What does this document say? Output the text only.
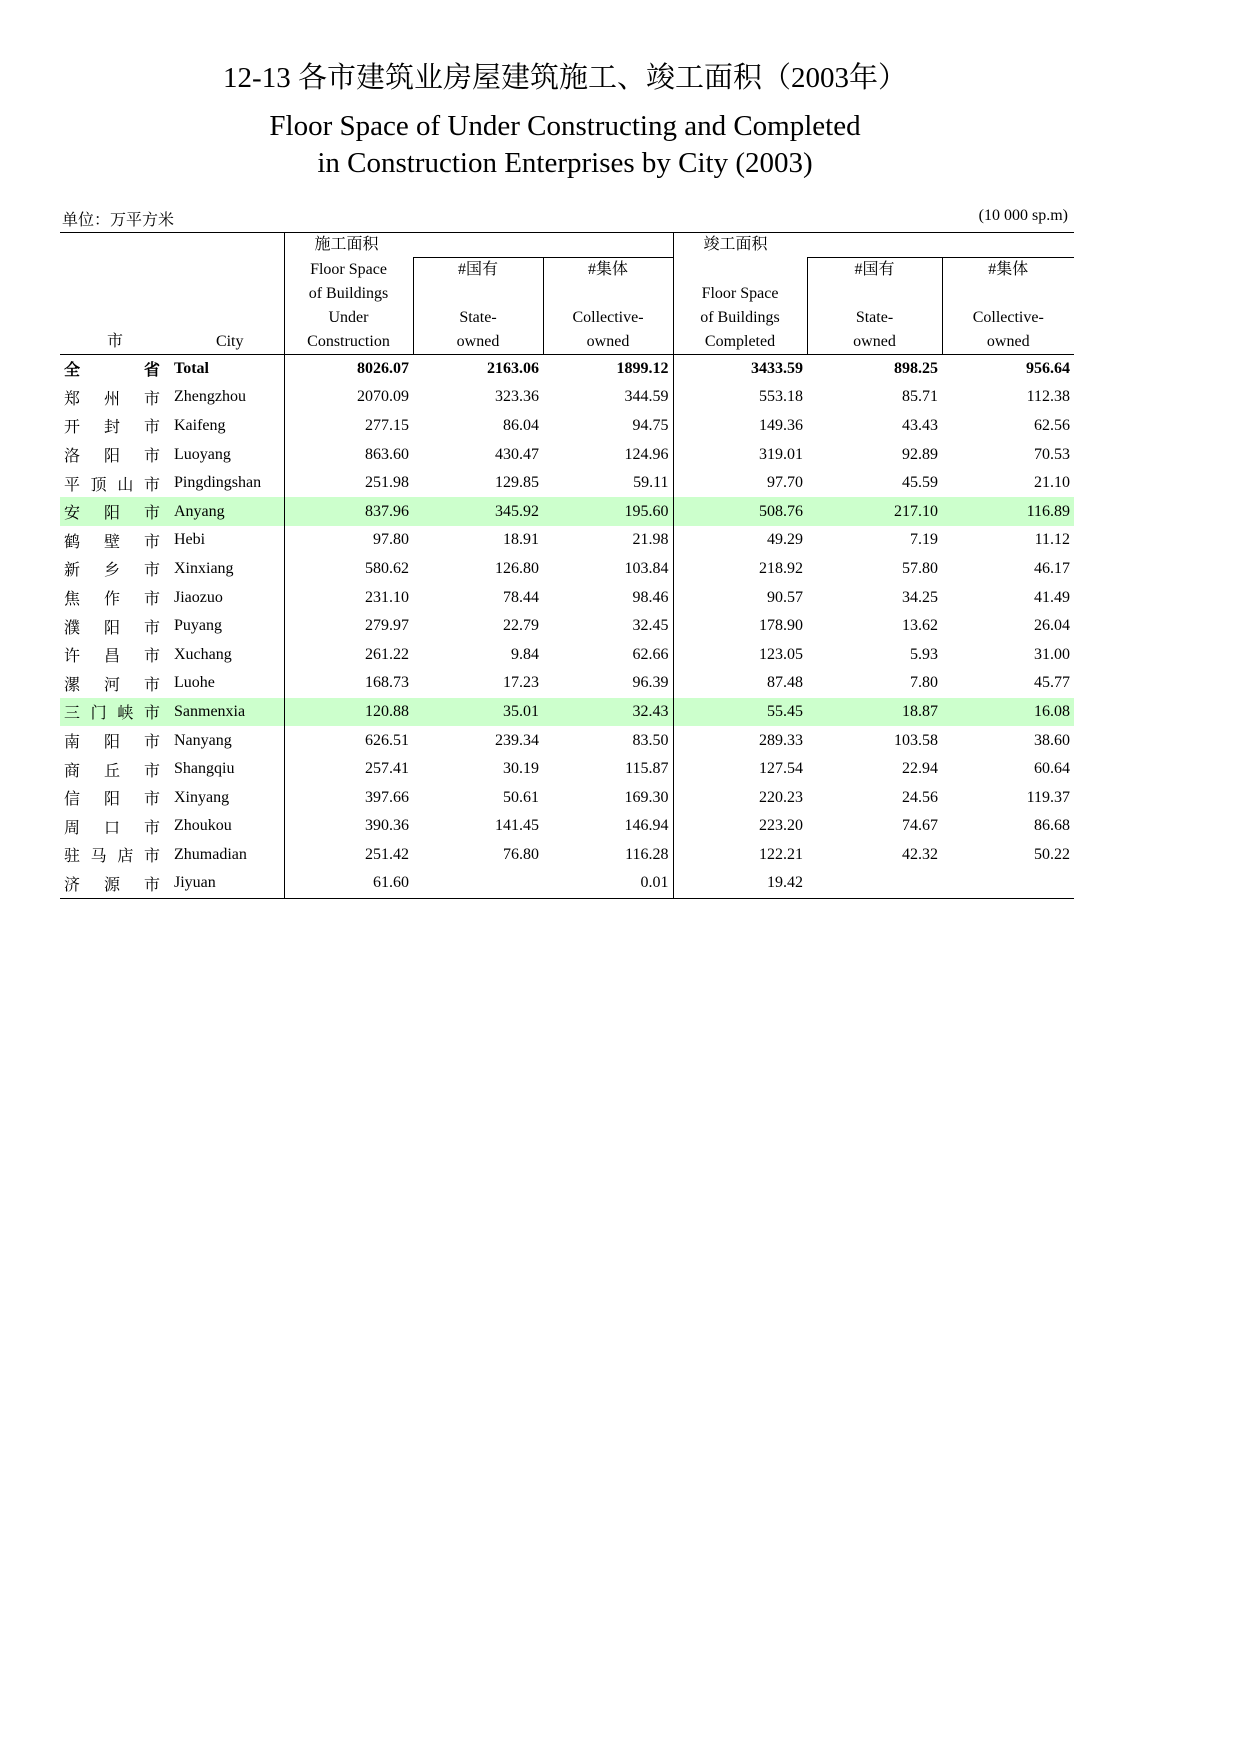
12-13 各市建筑业房屋建筑施工、竣工面积（2003年）
Floor Space of Under Constructing and Completed
in Construction Enterprises by City (2003)
单位：万平方米	(10 000 sp.m)
市	City	施工面积			竣工面积		
		Floor Space	#国有	#集体		#国有	#集体
		of Buildings			Floor Space		
		Under	State-	Collective-	of Buildings	State-	Collective-
		Construction	owned	owned	Completed	owned	owned

全 省	Total	8026.07	2163.06	1899.12	3433.59	898.25	956.64

郑 州 市	Zhengzhou	2070.09	323.36	344.59	553.18	85.71	112.38

开 封 市	Kaifeng	277.15	86.04	94.75	149.36	43.43	62.56

洛 阳 市	Luoyang	863.60	430.47	124.96	319.01	92.89	70.53

平 顶 山 市	Pingdingshan	251.98	129.85	59.11	97.70	45.59	21.10

安 阳 市	Anyang	837.96	345.92	195.60	508.76	217.10	116.89

鹤 壁 市	Hebi	97.80	18.91	21.98	49.29	7.19	11.12

新 乡 市	Xinxiang	580.62	126.80	103.84	218.92	57.80	46.17

焦 作 市	Jiaozuo	231.10	78.44	98.46	90.57	34.25	41.49

濮 阳 市	Puyang	279.97	22.79	32.45	178.90	13.62	26.04

许 昌 市	Xuchang	261.22	9.84	62.66	123.05	5.93	31.00

漯 河 市	Luohe	168.73	17.23	96.39	87.48	7.80	45.77

三 门 峡 市	Sanmenxia	120.88	35.01	32.43	55.45	18.87	16.08

南 阳 市	Nanyang	626.51	239.34	83.50	289.33	103.58	38.60

商 丘 市	Shangqiu	257.41	30.19	115.87	127.54	22.94	60.64

信 阳 市	Xinyang	397.66	50.61	169.30	220.23	24.56	119.37

周 口 市	Zhoukou	390.36	141.45	146.94	223.20	74.67	86.68

驻 马 店 市	Zhumadian	251.42	76.80	116.28	122.21	42.32	50.22

济 源 市	Jiyuan	61.60		0.01	19.42		
